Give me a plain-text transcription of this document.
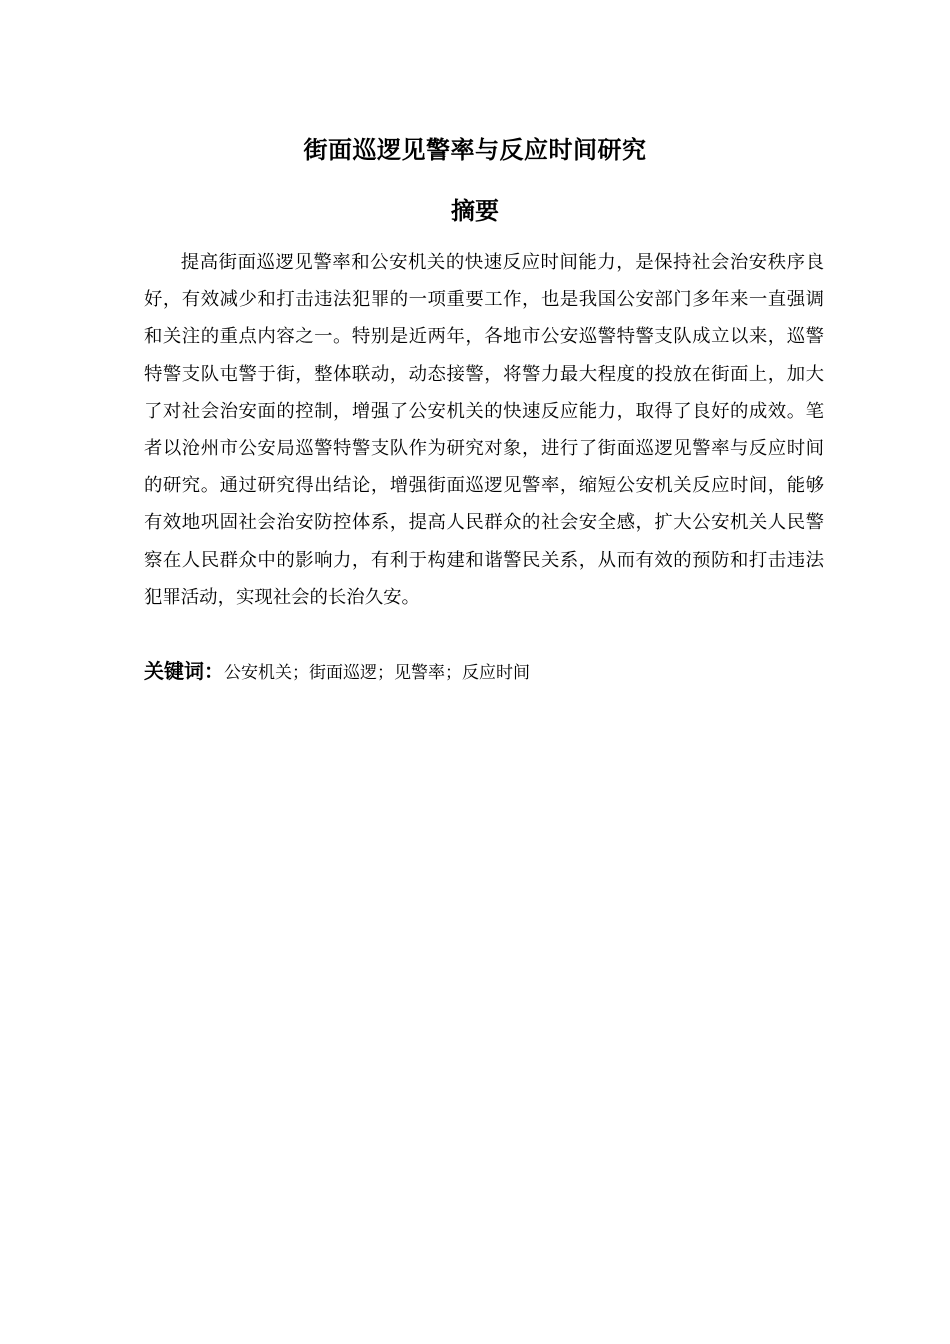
街面巡逻见警率与反应时间研究
摘要
提高街面巡逻见警率和公安机关的快速反应时间能力，是保持社会治安秩序良好，有效减少和打击违法犯罪的一项重要工作，也是我国公安部门多年来一直强调和关注的重点内容之一。特别是近两年，各地市公安巡警特警支队成立以来，巡警特警支队屯警于街，整体联动，动态接警，将警力最大程度的投放在街面上，加大了对社会治安面的控制，增强了公安机关的快速反应能力，取得了良好的成效。笔者以沧州市公安局巡警特警支队作为研究对象，进行了街面巡逻见警率与反应时间的研究。通过研究得出结论，增强街面巡逻见警率，缩短公安机关反应时间，能够有效地巩固社会治安防控体系，提高人民群众的社会安全感，扩大公安机关人民警察在人民群众中的影响力，有利于构建和谐警民关系，从而有效的预防和打击违法犯罪活动，实现社会的长治久安。
关键词：公安机关；街面巡逻；见警率；反应时间
